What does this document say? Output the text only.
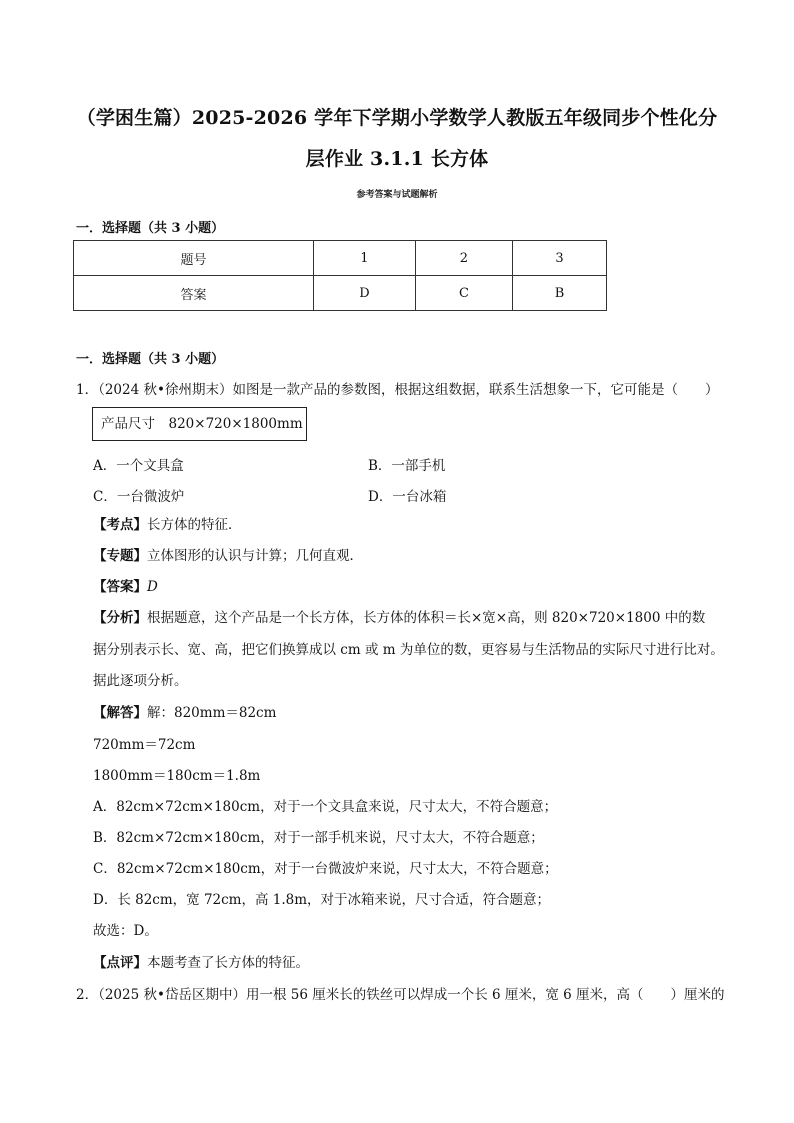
（学困生篇）2025-2026 学年下学期小学数学人教版五年级同步个性化分
层作业 3.1.1 长方体
参考答案与试题解析
一．选择题（共 3 小题）
题号	1	2	3
答案	D	C	B
一．选择题（共 3 小题）
1．（2024 秋•徐州期末）如图是一款产品的参数图，根据这组数据，联系生活想象一下，它可能是（　　）
产品尺寸　820×720×1800mm
A．一个文具盒	B．一部手机
C．一台微波炉	D．一台冰箱
【考点】长方体的特征．
【专题】立体图形的认识与计算；几何直观．
【答案】D
【分析】根据题意，这个产品是一个长方体，长方体的体积＝长×宽×高，则 820×720×1800 中的数
据分别表示长、宽、高，把它们换算成以 cm 或 m 为单位的数，更容易与生活物品的实际尺寸进行比对。
据此逐项分析。
【解答】解：820mm＝82cm
720mm＝72cm
1800mm＝180cm＝1.8m
A．82cm×72cm×180cm，对于一个文具盒来说，尺寸太大，不符合题意；
B．82cm×72cm×180cm，对于一部手机来说，尺寸太大，不符合题意；
C．82cm×72cm×180cm，对于一台微波炉来说，尺寸太大，不符合题意；
D．长 82cm，宽 72cm，高 1.8m，对于冰箱来说，尺寸合适，符合题意；
故选：D。
【点评】本题考查了长方体的特征。
2．（2025 秋•岱岳区期中）用一根 56 厘米长的铁丝可以焊成一个长 6 厘米，宽 6 厘米，高（　　）厘米的
